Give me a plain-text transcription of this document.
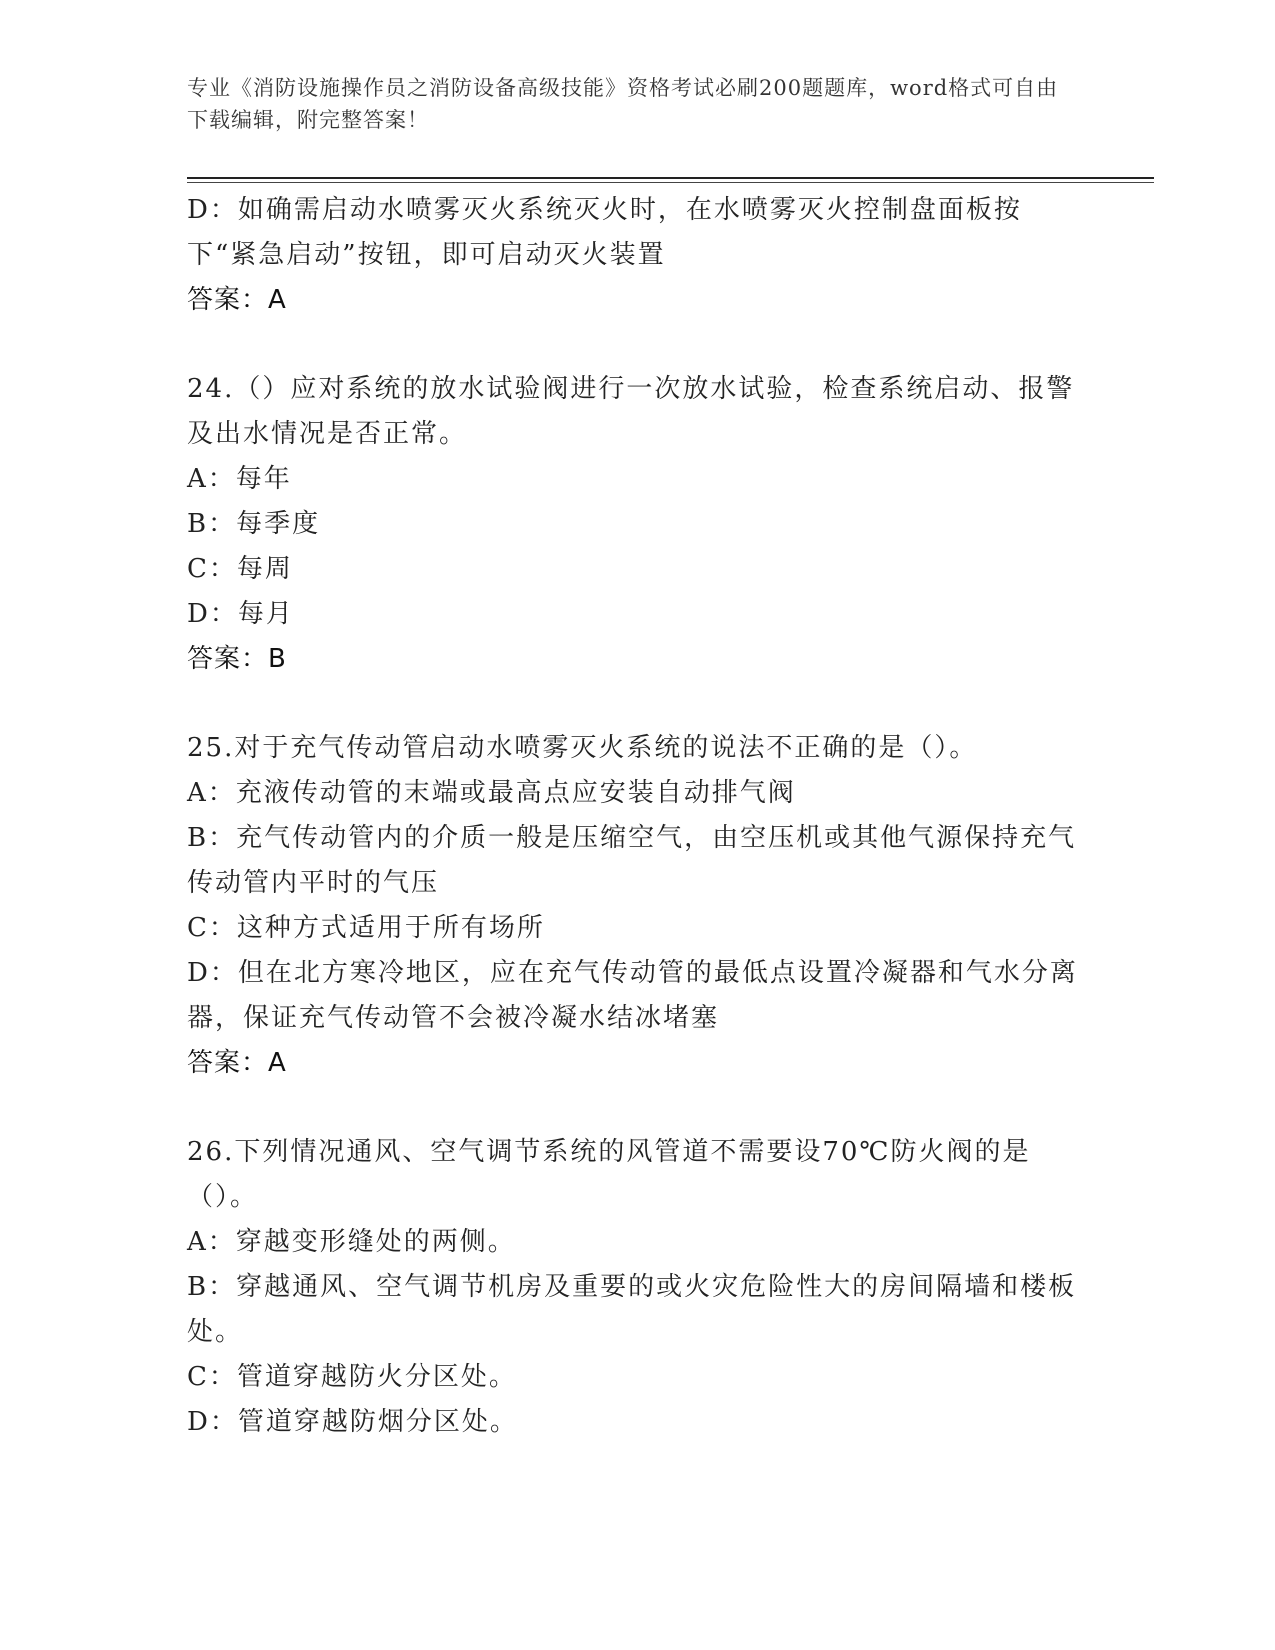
专业《消防设施操作员之消防设备高级技能》资格考试必刷200题题库，word格式可自由下载编辑，附完整答案！
D：如确需启动水喷雾灭火系统灭火时，在水喷雾灭火控制盘面板按下“紧急启动”按钮，即可启动灭火装置
答案：A
24.（）应对系统的放水试验阀进行一次放水试验，检查系统启动、报警及出水情况是否正常。
A：每年
B：每季度
C：每周
D：每月
答案：B
25.对于充气传动管启动水喷雾灭火系统的说法不正确的是（）。
A：充液传动管的末端或最高点应安装自动排气阀
B：充气传动管内的介质一般是压缩空气，由空压机或其他气源保持充气传动管内平时的气压
C：这种方式适用于所有场所
D：但在北方寒冷地区，应在充气传动管的最低点设置冷凝器和气水分离器，保证充气传动管不会被冷凝水结冰堵塞
答案：A
26.下列情况通风、空气调节系统的风管道不需要设70℃防火阀的是（）。
A：穿越变形缝处的两侧。
B：穿越通风、空气调节机房及重要的或火灾危险性大的房间隔墙和楼板处。
C：管道穿越防火分区处。
D：管道穿越防烟分区处。
